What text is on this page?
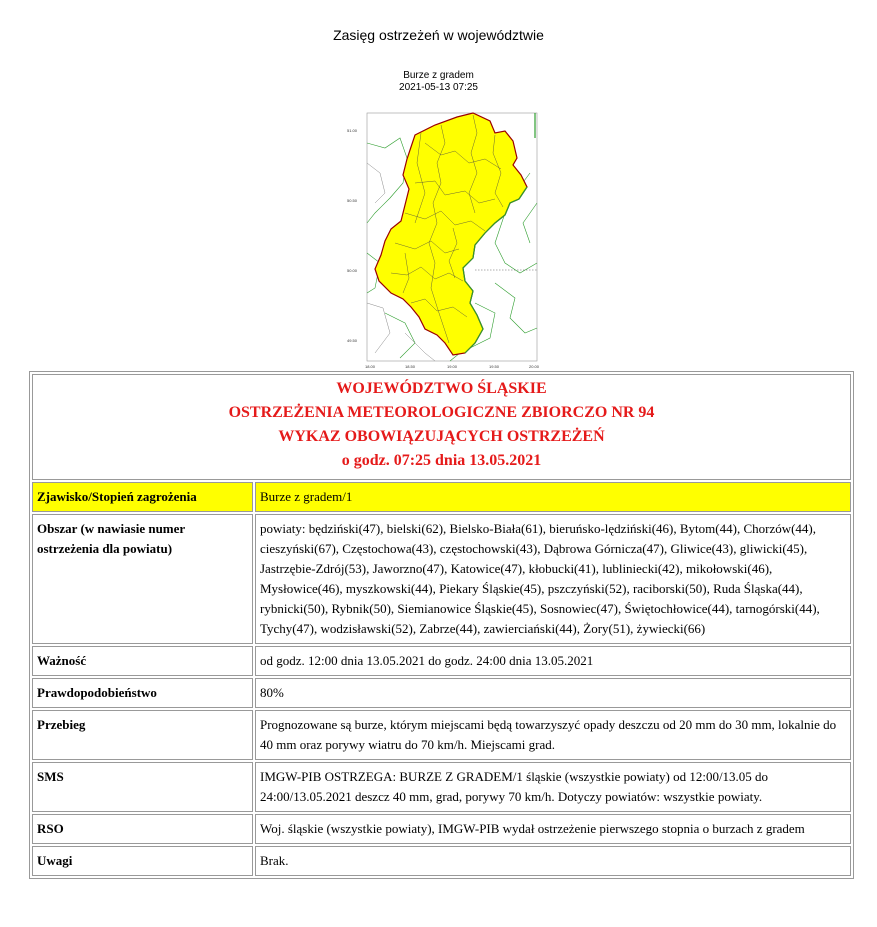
Zasięg ostrzeżeń w województwie
Burze z gradem
2021-05-13 07:25
51.00
50.50
50.00
49.50
18.00	18.50	19.00	19.50	20.00
WOJEWÓDZTWO ŚLĄSKIE
OSTRZEŻENIA METEOROLOGICZNE ZBIORCZO NR 94
WYKAZ OBOWIĄZUJĄCYCH OSTRZEŻEŃ
o godz. 07:25 dnia 13.05.2021	

Zjawisko/Stopień zagrożenia	Burze z gradem/1
Obszar (w nawiasie numer ostrzeżenia dla powiatu)	powiaty: będziński(47), bielski(62), Bielsko-Biała(61), bieruńsko-lędziński(46), Bytom(44), Chorzów(44), cieszyński(67), Częstochowa(43), częstochowski(43), Dąbrowa Górnicza(47), Gliwice(43), gliwicki(45), Jastrzębie-Zdrój(53), Jaworzno(47), Katowice(47), kłobucki(41), lubliniecki(42), mikołowski(46), Mysłowice(46), myszkowski(44), Piekary Śląskie(45), pszczyński(52), raciborski(50), Ruda Śląska(44), rybnicki(50), Rybnik(50), Siemianowice Śląskie(45), Sosnowiec(47), Świętochłowice(44), tarnogórski(44), Tychy(47), wodzisławski(52), Zabrze(44), zawierciański(44), Żory(51), żywiecki(66)
Ważność	od godz. 12:00 dnia 13.05.2021 do godz. 24:00 dnia 13.05.2021
Prawdopodobieństwo	80%
Przebieg	Prognozowane są burze, którym miejscami będą towarzyszyć opady deszczu od 20 mm do 30 mm, lokalnie do 40 mm oraz porywy wiatru do 70 km/h. Miejscami grad.
SMS	IMGW-PIB OSTRZEGA: BURZE Z GRADEM/1 śląskie (wszystkie powiaty) od 12:00/13.05 do 24:00/13.05.2021 deszcz 40 mm, grad, porywy 70 km/h. Dotyczy powiatów: wszystkie powiaty.
RSO	Woj. śląskie (wszystkie powiaty), IMGW-PIB wydał ostrzeżenie pierwszego stopnia o burzach z gradem
Uwagi	Brak.
